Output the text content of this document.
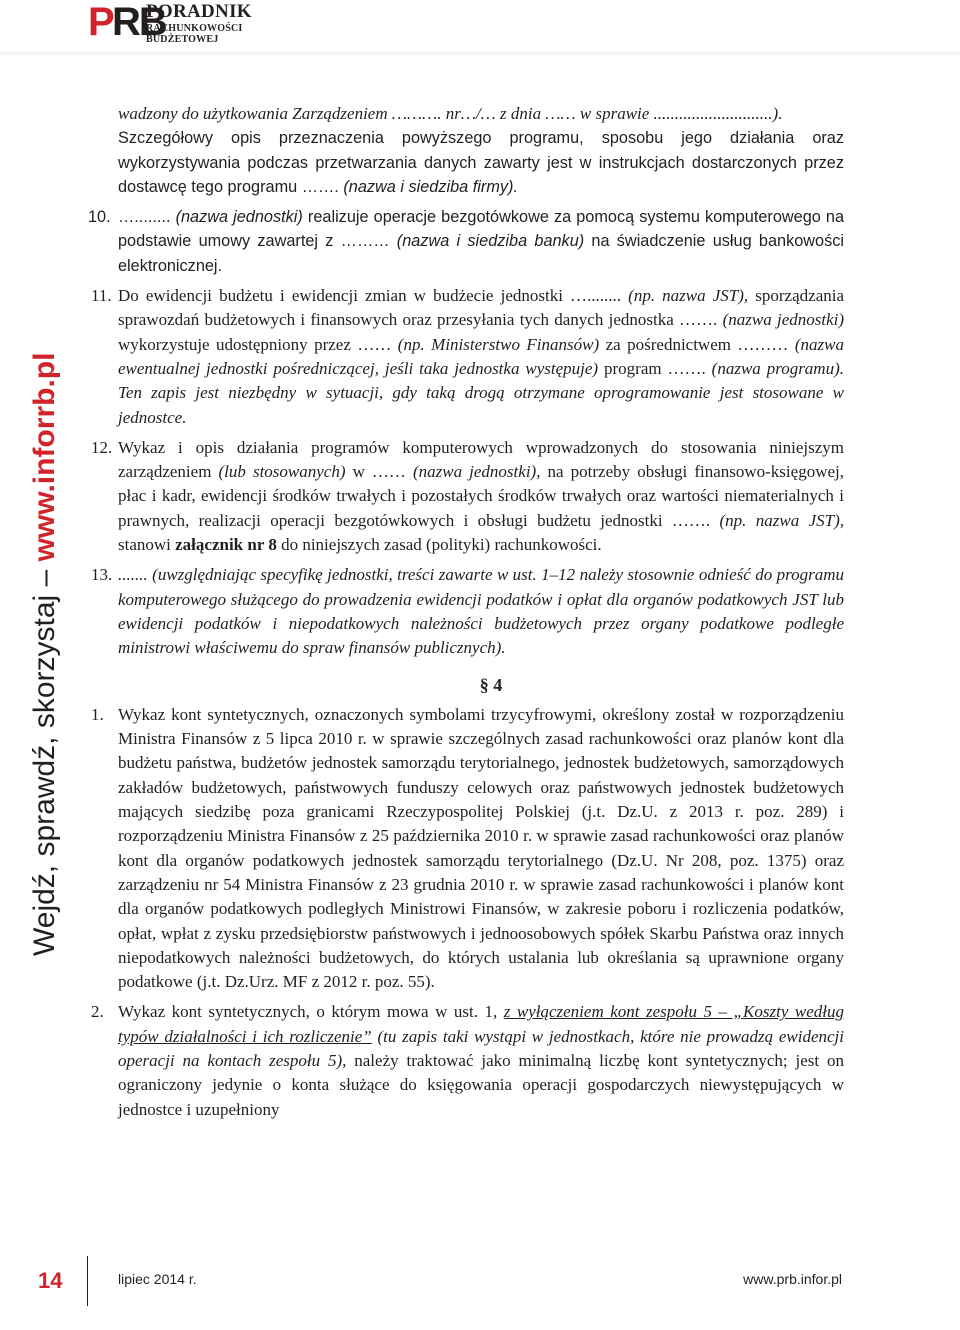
P RB
PORADNIK
RACHUNKOWOŚCI
BUDŻETOWEJ
Wejdź, sprawdź, skorzystaj – www.inforrb.pl

wadzony do użytkowania Zarządzeniem ………. nr…/… z dnia …… w sprawie ............................).

Szczegółowy opis przeznaczenia powyższego programu, sposobu jego działania oraz wykorzystywania podczas przetwarzania danych zawarty jest w instrukcjach dostarczonych przez dostawcę tego programu ……. (nazwa i siedziba firmy).

10. …........ (nazwa jednostki) realizuje operacje bezgotówkowe za pomocą systemu komputerowego na podstawie umowy zawartej z ……… (nazwa i siedziba banku) na świadczenie usług bankowości elektronicznej.
11. Do ewidencji budżetu i ewidencji zmian w budżecie jednostki …........ (np. nazwa JST), sporządzania sprawozdań budżetowych i finansowych oraz przesyłania tych danych jednostka ……. (nazwa jednostki) wykorzystuje udostępniony przez …… (np. Ministerstwo Finansów) za pośrednictwem ……… (nazwa ewentualnej jednostki pośredniczącej, jeśli taka jednostka występuje) program ……. (nazwa programu). Ten zapis jest niezbędny w sytuacji, gdy taką drogą otrzymane oprogramowanie jest stosowane w jednostce.
12. Wykaz i opis działania programów komputerowych wprowadzonych do stosowania niniejszym zarządzeniem (lub stosowanych) w …… (nazwa jednostki), na potrzeby obsługi finansowo-księgowej, płac i kadr, ewidencji środków trwałych i pozostałych środków trwałych oraz wartości niematerialnych i prawnych, realizacji operacji bezgotówkowych i obsługi budżetu jednostki ……. (np. nazwa JST), stanowi załącznik nr 8 do niniejszych zasad (polityki) rachunkowości.
13. ....... (uwzględniając specyfikę jednostki, treści zawarte w ust. 1–12 należy stosownie odnieść do programu komputerowego służącego do prowadzenia ewidencji podatków i opłat dla organów podatkowych JST lub ewidencji podatków i niepodatkowych należności budżetowych przez organy podatkowe podległe ministrowi właściwemu do spraw finansów publicznych).

§ 4

1. Wykaz kont syntetycznych, oznaczonych symbolami trzycyfrowymi, określony został w rozporządzeniu Ministra Finansów z 5 lipca 2010 r. w sprawie szczególnych zasad rachunkowości oraz planów kont dla budżetu państwa, budżetów jednostek samorządu terytorialnego, jednostek budżetowych, samorządowych zakładów budżetowych, państwowych funduszy celowych oraz państwowych jednostek budżetowych mających siedzibę poza granicami Rzeczypospolitej Polskiej (j.t. Dz.U. z 2013 r. poz. 289) i rozporządzeniu Ministra Finansów z 25 października 2010 r. w sprawie zasad rachunkowości oraz planów kont dla organów podatkowych jednostek samorządu terytorialnego (Dz.U. Nr 208, poz. 1375) oraz zarządzeniu nr 54 Ministra Finansów z 23 grudnia 2010 r. w sprawie zasad rachunkowości i planów kont dla organów podatkowych podległych Ministrowi Finansów, w zakresie poboru i rozliczenia podatków, opłat, wpłat z zysku przedsiębiorstw państwowych i jednoosobowych spółek Skarbu Państwa oraz innych niepodatkowych należności budżetowych, do których ustalania lub określania są uprawnione organy podatkowe (j.t. Dz.Urz. MF z 2012 r. poz. 55).
2. Wykaz kont syntetycznych, o którym mowa w ust. 1, z wyłączeniem kont zespołu 5 – „Koszty według typów działalności i ich rozliczenie” (tu zapis taki wystąpi w jednostkach, które nie prowadzą ewidencji operacji na kontach zespołu 5), należy traktować jako minimalną liczbę kont syntetycznych; jest on ograniczony jedynie o konta służące do księgowania operacji gospodarczych niewystępujących w jednostce i uzupełniony
14	lipiec 2014 r.	www.prb.infor.pl
